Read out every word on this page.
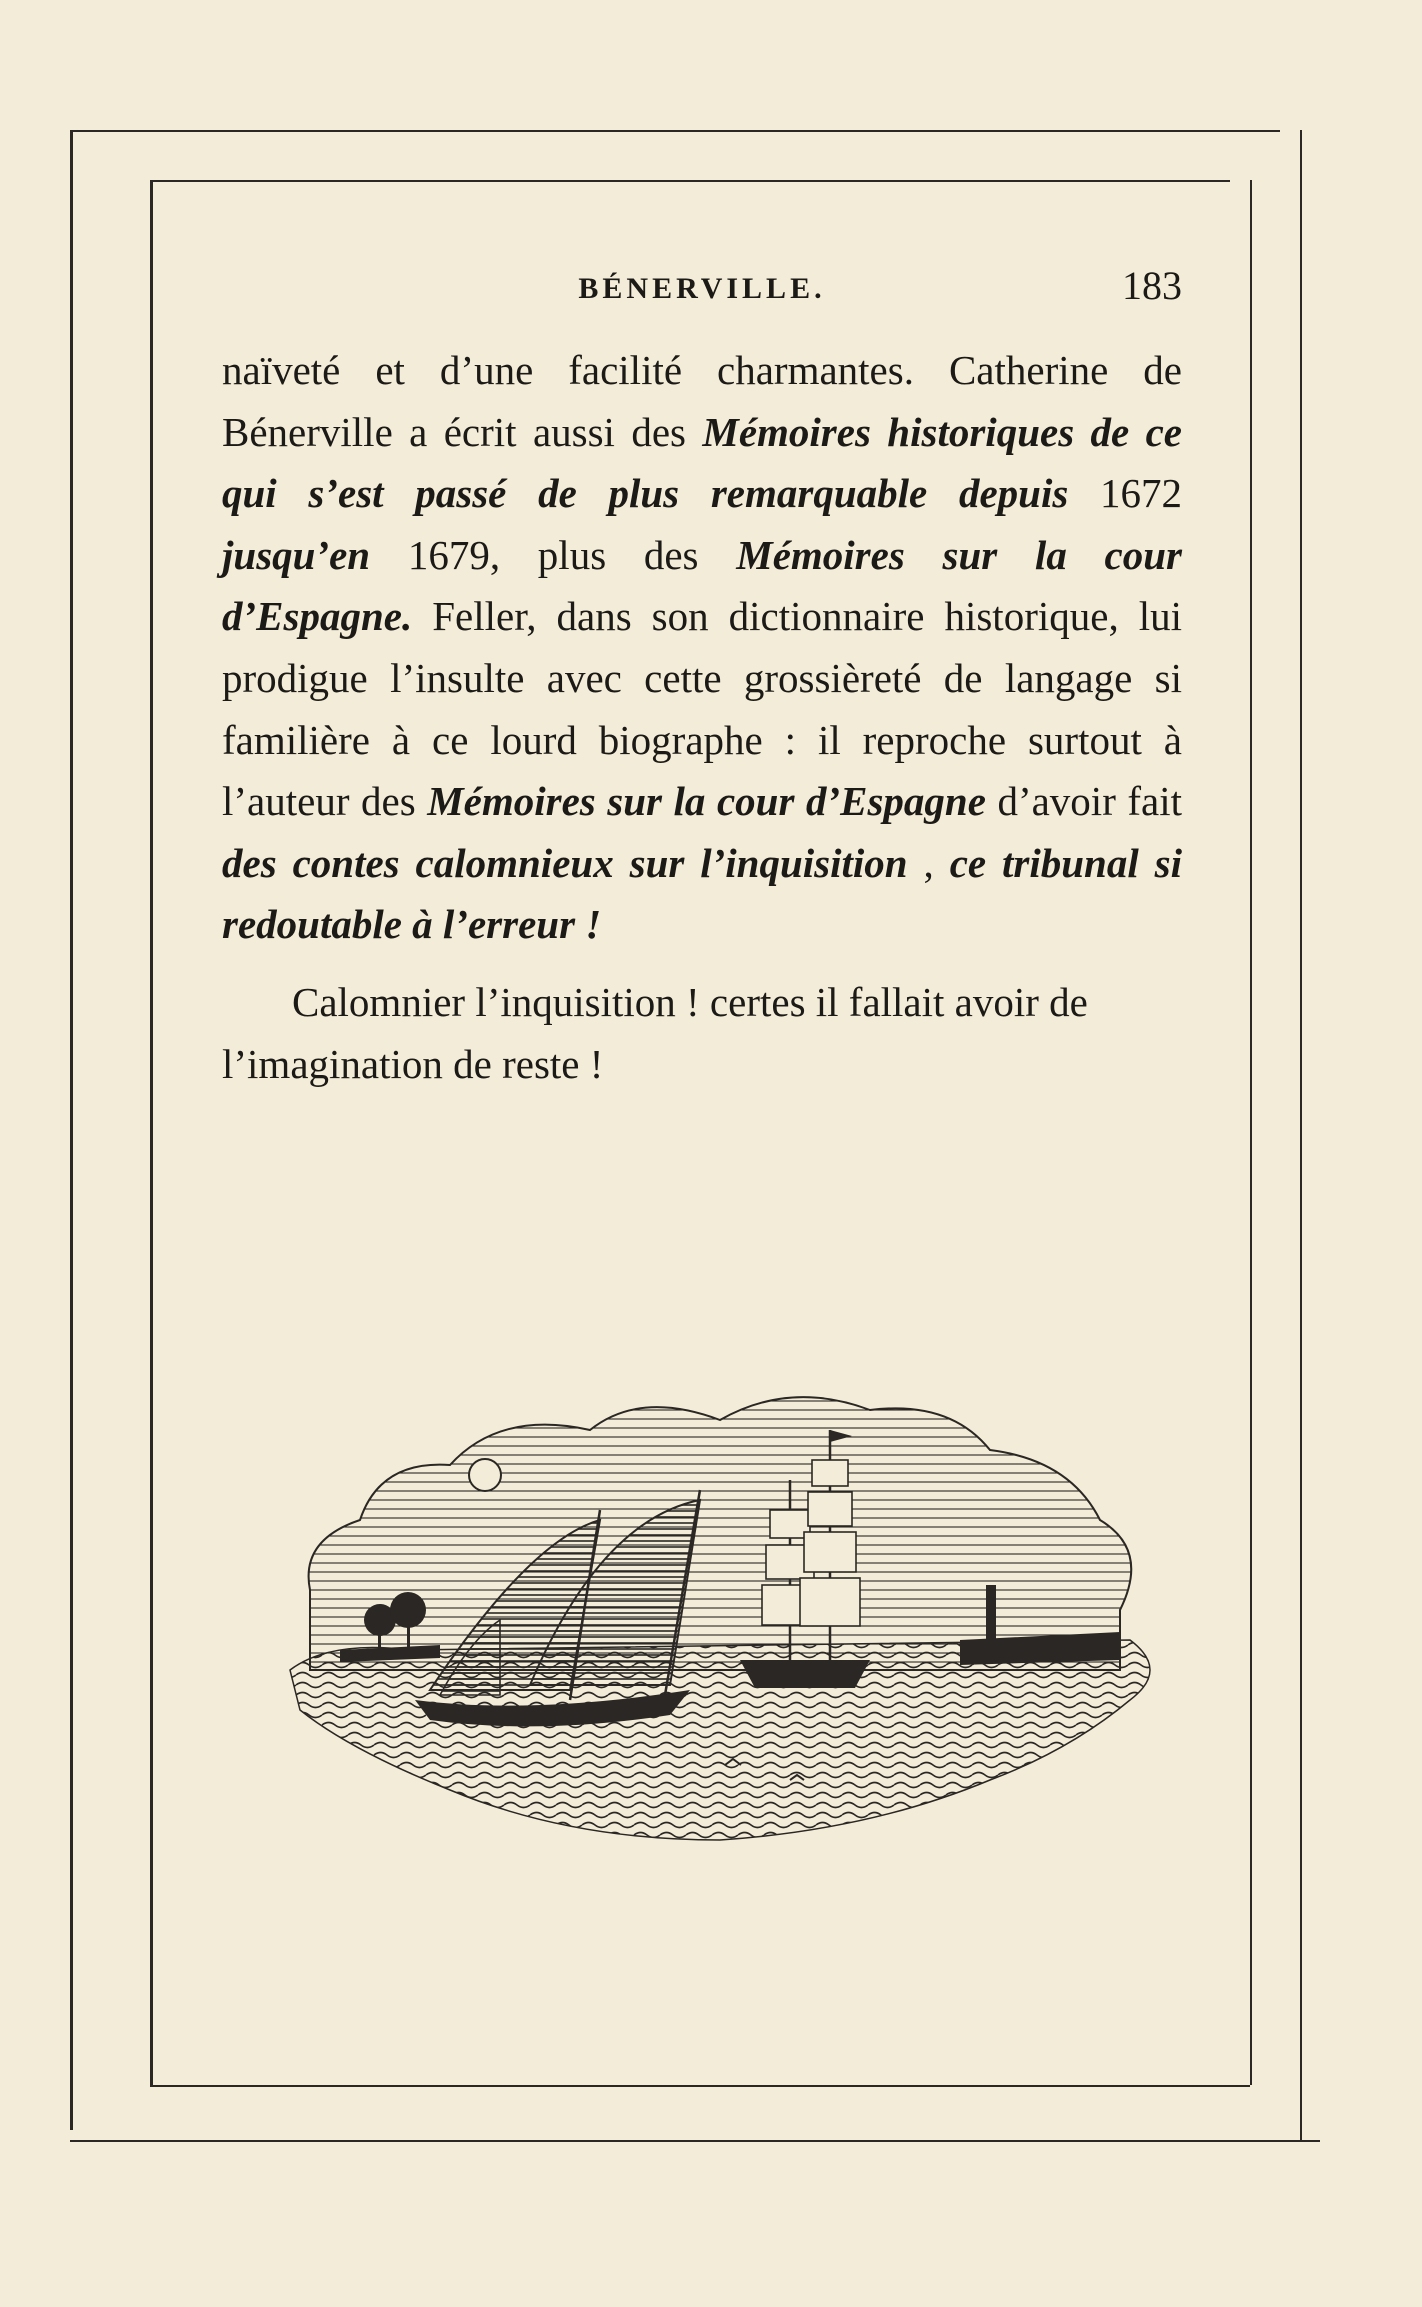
BÉNERVILLE.	183

naïveté et d’une facilité charmantes. Catherine de Bénerville a écrit aussi des Mémoires historiques de ce qui s’est passé de plus remarquable depuis 1672 jusqu’en 1679, plus des Mémoires sur la cour d’Espagne. Feller, dans son dictionnaire historique, lui prodigue l’insulte avec cette grossièreté de langage si familière à ce lourd biographe : il reproche surtout à l’auteur des Mémoires sur la cour d’Espagne d’avoir fait des contes calomnieux sur l’inquisition , ce tribunal si redoutable à l’erreur !

Calomnier l’inquisition ! certes il fallait avoir de l’imagination de reste !
